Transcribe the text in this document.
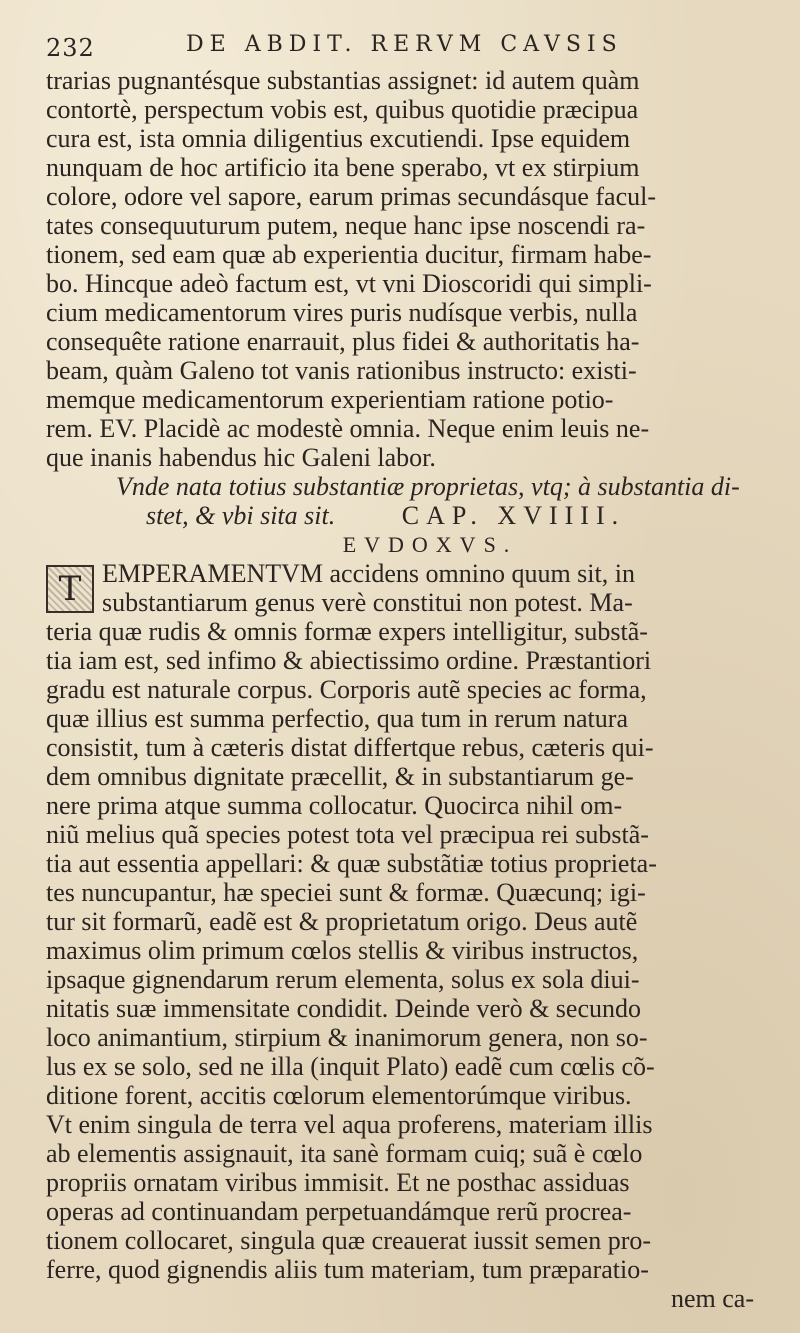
232	DE ABDIT. RERVM CAVSIS
trarias pugnantésque substantias assignet: id autem quàm
contortè, perspectum vobis est, quibus quotidie præcipua
cura est, ista omnia diligentius excutiendi. Ipse equidem
nunquam de hoc artificio ita bene sperabo, vt ex stirpium
colore, odore vel sapore, earum primas secundásque facul-
tates consequuturum putem, neque hanc ipse noscendi ra-
tionem, sed eam quæ ab experientia ducitur, firmam habe-
bo. Hincque adeò factum est, vt vni Dioscoridi qui simpli-
cium medicamentorum vires puris nudísque verbis, nulla
consequête ratione enarrauit, plus fidei & authoritatis ha-
beam, quàm Galeno tot vanis rationibus instructo: existi-
memque medicamentorum experientiam ratione potio-
rem. EV. Placidè ac modestè omnia. Neque enim leuis ne-
que inanis habendus hic Galeni labor.
Vnde nata totius substantiæ proprietas, vtq; à substantia di-
stet, & vbi sita sit.	CAP. XVIIII.
EVDOXVS.
T EMPERAMENTVM accidens omnino quum sit, in
substantiarum genus verè constitui non potest. Ma-
teria quæ rudis & omnis formæ expers intelligitur, substã-
tia iam est, sed infimo & abiectissimo ordine. Præstantiori
gradu est naturale corpus. Corporis autẽ species ac forma,
quæ illius est summa perfectio, qua tum in rerum natura
consistit, tum à cæteris distat differtque rebus, cæteris qui-
dem omnibus dignitate præcellit, & in substantiarum ge-
nere prima atque summa collocatur. Quocirca nihil om-
niũ melius quã species potest tota vel præcipua rei substã-
tia aut essentia appellari: & quæ substãtiæ totius proprieta-
tes nuncupantur, hæ speciei sunt & formæ. Quæcunq; igi-
tur sit formarũ, eadẽ est & proprietatum origo. Deus autẽ
maximus olim primum cœlos stellis & viribus instructos,
ipsaque gignendarum rerum elementa, solus ex sola diui-
nitatis suæ immensitate condidit. Deinde verò & secundo
loco animantium, stirpium & inanimorum genera, non so-
lus ex se solo, sed ne illa (inquit Plato) eadẽ cum cœlis cõ-
ditione forent, accitis cœlorum elementorúmque viribus.
Vt enim singula de terra vel aqua proferens, materiam illis
ab elementis assignauit, ita sanè formam cuiq; suã è cœlo
propriis ornatam viribus immisit. Et ne posthac assiduas
operas ad continuandam perpetuandámque rerũ procrea-
tionem collocaret, singula quæ creauerat iussit semen pro-
ferre, quod gignendis aliis tum materiam, tum præparatio-
nem ca-
